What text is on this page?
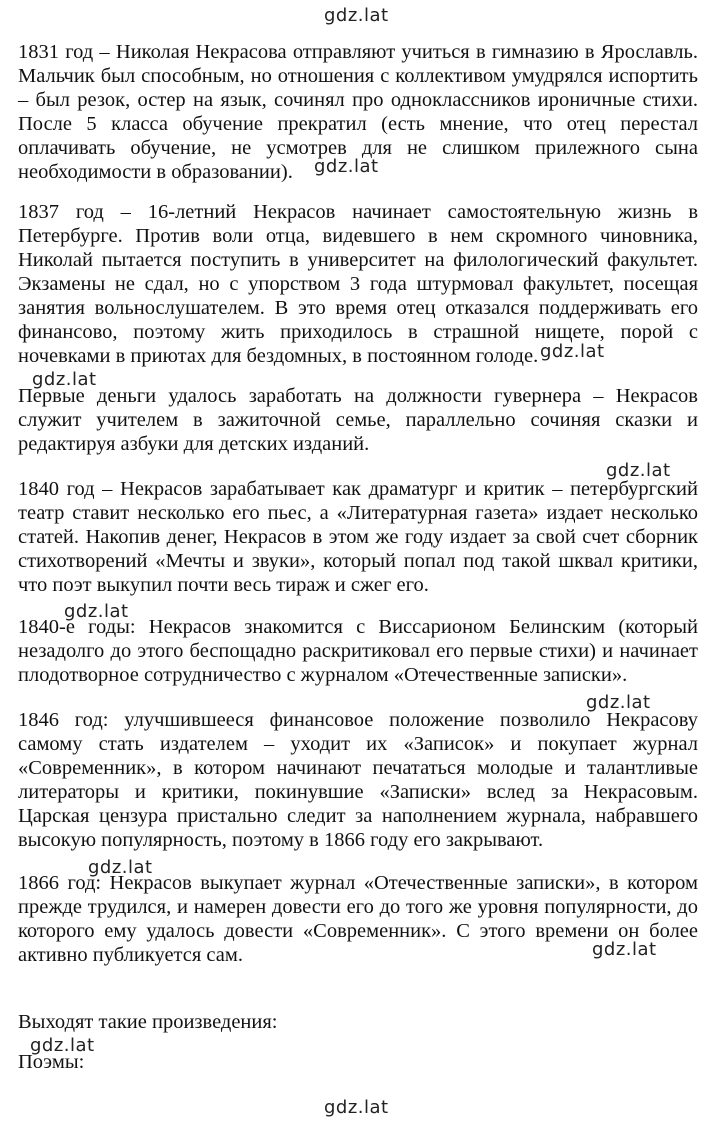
gdz.lat
gdz.lat
gdz.lat
gdz.lat
gdz.lat
gdz.lat
gdz.lat
gdz.lat
gdz.lat
gdz.lat
gdz.lat

1831 год – Николая Некрасова отправляют учиться в гимназию в Ярославль. Мальчик был способным, но отношения с коллективом умудрялся испортить – был резок, остер на язык, сочинял про одноклассников ироничные стихи. После 5 класса обучение прекратил (есть мнение, что отец перестал оплачивать обучение, не усмотрев для не слишком прилежного сына необходимости в образовании).

1837 год – 16-летний Некрасов начинает самостоятельную жизнь в Петербурге. Против воли отца, видевшего в нем скромного чиновника, Николай пытается поступить в университет на филологический факультет. Экзамены не сдал, но с упорством 3 года штурмовал факультет, посещая занятия вольнослушателем. В это время отец отказался поддерживать его финансово, поэтому жить приходилось в страшной нищете, порой с ночевками в приютах для бездомных, в постоянном голоде.

Первые деньги удалось заработать на должности гувернера – Некрасов служит учителем в зажиточной семье, параллельно сочиняя сказки и редактируя азбуки для детских изданий.

1840 год – Некрасов зарабатывает как драматург и критик – петербургский театр ставит несколько его пьес, а «Литературная газета» издает несколько статей. Накопив денег, Некрасов в этом же году издает за свой счет сборник стихотворений «Мечты и звуки», который попал под такой шквал критики, что поэт выкупил почти весь тираж и сжег его.

1840-е годы: Некрасов знакомится с Виссарионом Белинским (который незадолго до этого беспощадно раскритиковал его первые стихи) и начинает плодотворное сотрудничество с журналом «Отечественные записки».

1846 год: улучшившееся финансовое положение позволило Некрасову самому стать издателем – уходит их «Записок» и покупает журнал «Современник», в котором начинают печататься молодые и талантливые литераторы и критики, покинувшие «Записки» вслед за Некрасовым. Царская цензура пристально следит за наполнением журнала, набравшего высокую популярность, поэтому в 1866 году его закрывают.

1866 год: Некрасов выкупает журнал «Отечественные записки», в котором прежде трудился, и намерен довести его до того же уровня популярности, до которого ему удалось довести «Современник». С этого времени он более активно публикуется сам.

Выходят такие произведения:

Поэмы:
